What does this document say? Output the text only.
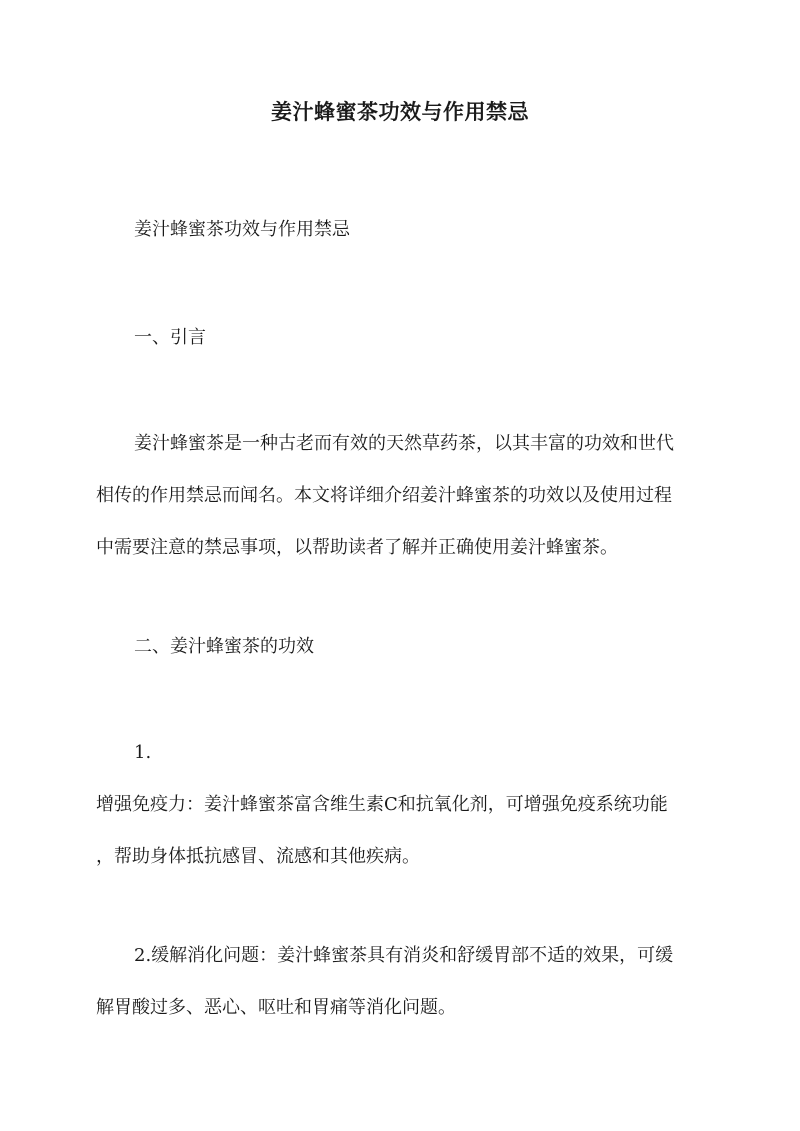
姜汁蜂蜜茶功效与作用禁忌

姜汁蜂蜜茶功效与作用禁忌

一、引言

姜汁蜂蜜茶是一种古老而有效的天然草药茶，以其丰富的功效和世代

相传的作用禁忌而闻名。本文将详细介绍姜汁蜂蜜茶的功效以及使用过程

中需要注意的禁忌事项，以帮助读者了解并正确使用姜汁蜂蜜茶。

二、姜汁蜂蜜茶的功效

1.

增强免疫力：姜汁蜂蜜茶富含维生素C和抗氧化剂，可增强免疫系统功能

，帮助身体抵抗感冒、流感和其他疾病。

2.缓解消化问题：姜汁蜂蜜茶具有消炎和舒缓胃部不适的效果，可缓

解胃酸过多、恶心、呕吐和胃痛等消化问题。
